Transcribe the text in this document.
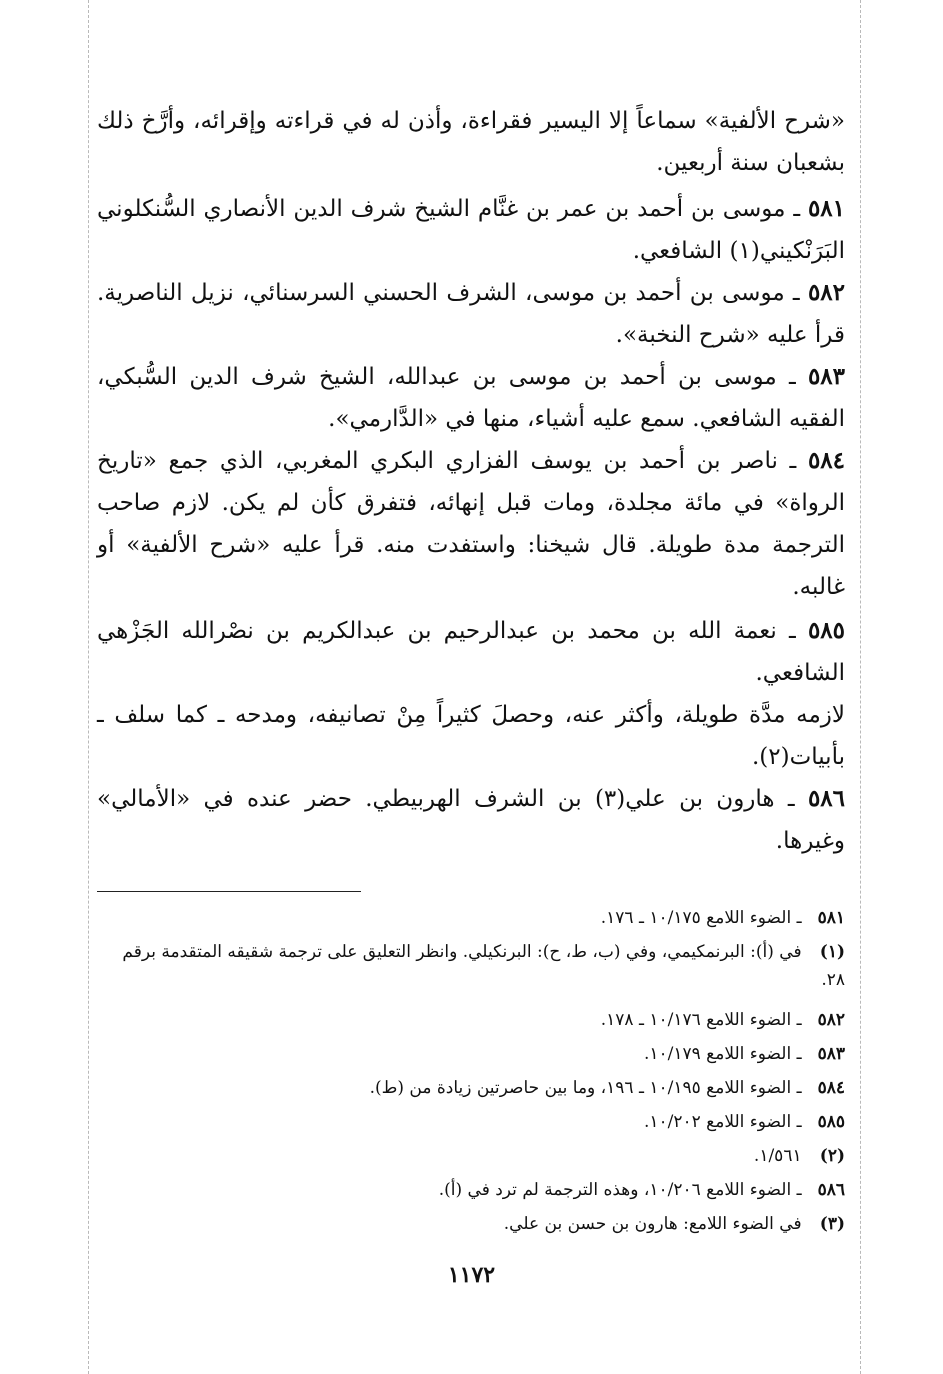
«شرح الألفية» سماعاً إلا اليسير فقراءة، وأذن له في قراءته وإقرائه، وأرَّخ ذلك بشعبان سنة أربعين.
٥٨١ ـ موسى بن أحمد بن عمر بن غنَّام الشيخ شرف الدين الأنصاري السُّنكلوني البَرَنْكيني(١) الشافعي.
٥٨٢ ـ موسى بن أحمد بن موسى، الشرف الحسني السرسنائي، نزيل الناصرية. قرأ عليه «شرح النخبة».
٥٨٣ ـ موسى بن أحمد بن موسى بن عبدالله، الشيخ شرف الدين السُّبكي، الفقيه الشافعي. سمع عليه أشياء، منها في «الدَّارمي».
٥٨٤ ـ ناصر بن أحمد بن يوسف الفزاري البكري المغربي، الذي جمع «تاريخ الرواة» في مائة مجلدة، ومات قبل إنهائه، فتفرق كأن لم يكن. لازم صاحب الترجمة مدة طويلة. قال شيخنا: واستفدت منه. قرأ عليه «شرح الألفية» أو غالبه.
٥٨٥ ـ نعمة الله بن محمد بن عبدالرحيم بن عبدالكريم بن نصْرالله الجَزْهي الشافعي.
لازمه مدَّة طويلة، وأكثر عنه، وحصلَ كثيراً مِنْ تصانيفه، ومدحه ـ كما سلف ـ بأبيات(٢).
٥٨٦ ـ هارون بن علي(٣) بن الشرف الهربيطي. حضر عنده في «الأمالي» وغيرها.
٥٨١ ـ الضوء اللامع ١٠/١٧٥ ـ ١٧٦.
(١) في (أ): البرنمكيمي، وفي (ب، ط، ح): البرنكيلي. وانظر التعليق على ترجمة شقيقه المتقدمة برقم ٢٨.
٥٨٢ ـ الضوء اللامع ١٠/١٧٦ ـ ١٧٨.
٥٨٣ ـ الضوء اللامع ١٠/١٧٩.
٥٨٤ ـ الضوء اللامع ١٠/١٩٥ ـ ١٩٦، وما بين حاصرتين زيادة من (ط).
٥٨٥ ـ الضوء اللامع ١٠/٢٠٢.
(٢) ١/٥٦١.
٥٨٦ ـ الضوء اللامع ١٠/٢٠٦، وهذه الترجمة لم ترد في (أ).
(٣) في الضوء اللامع: هارون بن حسن بن علي.
١١٧٢
